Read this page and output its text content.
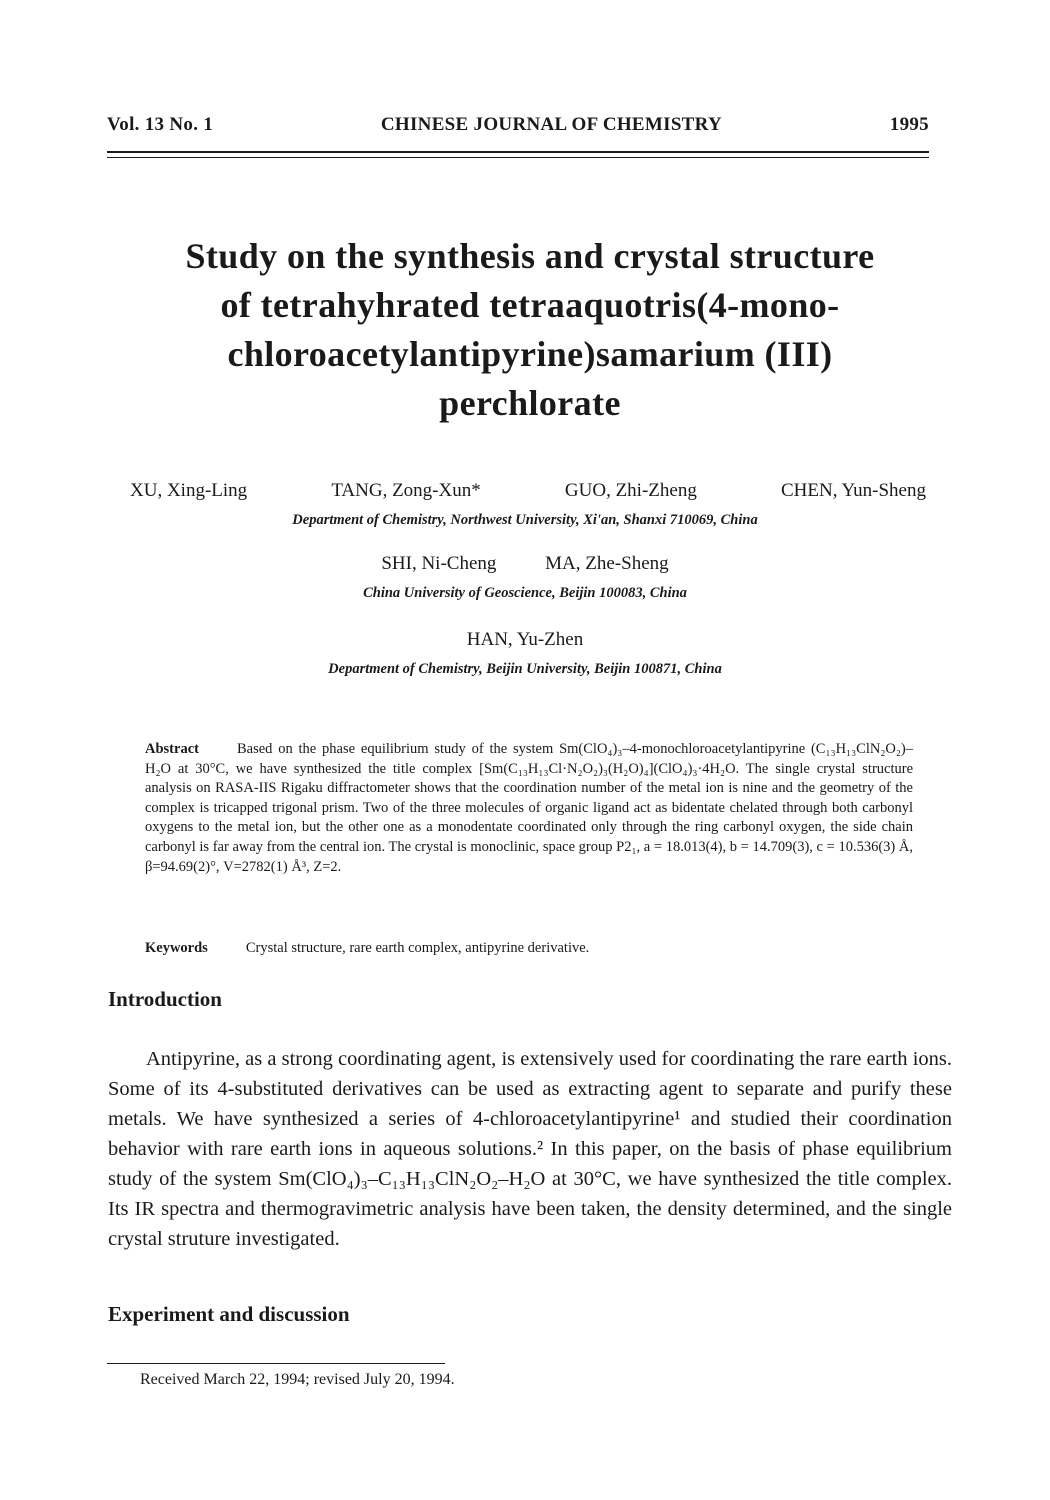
Vol. 13 No. 1	CHINESE JOURNAL OF CHEMISTRY	1995
Study on the synthesis and crystal structure
of tetrahyhrated tetraaquotris(4-mono-
chloroacetylantipyrine)samarium (III)
perchlorate
XU, Xing-Ling	TANG, Zong-Xun*	GUO, Zhi-Zheng	CHEN, Yun-Sheng
Department of Chemistry, Northwest University, Xi'an, Shanxi 710069, China
SHI, Ni-Cheng	MA, Zhe-Sheng
China University of Geoscience, Beijin 100083, China
HAN, Yu-Zhen
Department of Chemistry, Beijin University, Beijin 100871, China
Abstract	Based on the phase equilibrium study of the system Sm(ClO₄)₃–4-monochloroacetylantipyrine (C₁₃H₁₃ClN₂O₂)–H₂O at 30°C, we have synthesized the title complex [Sm(C₁₃H₁₃Cl·N₂O₂)₃(H₂O)₄](ClO₄)₃·4H₂O. The single crystal structure analysis on RASA-IIS Rigaku diffractometer shows that the coordination number of the metal ion is nine and the geometry of the complex is tricapped trigonal prism. Two of the three molecules of organic ligand act as bidentate chelated through both carbonyl oxygens to the metal ion, but the other one as a monodentate coordinated only through the ring carbonyl oxygen, the side chain carbonyl is far away from the central ion. The crystal is monoclinic, space group P2₁, a = 18.013(4), b = 14.709(3), c = 10.536(3) Å, β=94.69(2)°, V=2782(1) Å³, Z=2.
Keywords	Crystal structure, rare earth complex, antipyrine derivative.
Introduction

Antipyrine, as a strong coordinating agent, is extensively used for coordinating the rare earth ions. Some of its 4-substituted derivatives can be used as extracting agent to separate and purify these metals. We have synthesized a series of 4-chloroacetylantipyrine¹ and studied their coordination behavior with rare earth ions in aqueous solutions.² In this paper, on the basis of phase equilibrium study of the system Sm(ClO₄)₃–C₁₃H₁₃ClN₂O₂–H₂O at 30°C, we have synthesized the title complex. Its IR spectra and thermogravimetric analysis have been taken, the density determined, and the single crystal struture investigated.

Experiment and discussion
Received March 22, 1994; revised July 20, 1994.
